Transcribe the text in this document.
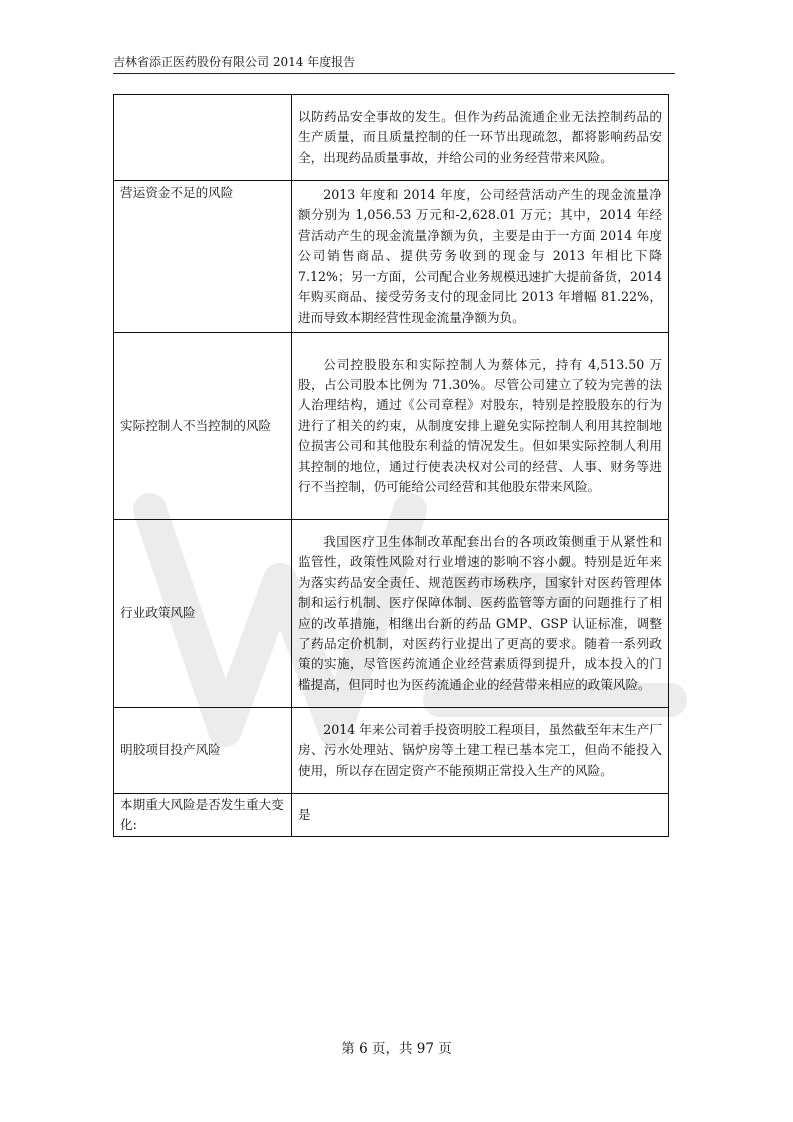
吉林省添正医药股份有限公司 2014 年度报告
	以防药品安全事故的发生。但作为药品流通企业无法控制药品的生产质量，而且质量控制的任一环节出现疏忽，都将影响药品安全，出现药品质量事故，并给公司的业务经营带来风险。
营运资金不足的风险	2013 年度和 2014 年度，公司经营活动产生的现金流量净额分别为 1,056.53 万元和-2,628.01 万元；其中，2014 年经营活动产生的现金流量净额为负，主要是由于一方面 2014 年度公司销售商品、提供劳务收到的现金与 2013 年相比下降 7.12%；另一方面，公司配合业务规模迅速扩大提前备货，2014 年购买商品、接受劳务支付的现金同比 2013 年增幅 81.22%，进而导致本期经营性现金流量净额为负。
实际控制人不当控制的风险	公司控股股东和实际控制人为蔡体元，持有 4,513.50 万股，占公司股本比例为 71.30%。尽管公司建立了较为完善的法人治理结构，通过《公司章程》对股东，特别是控股股东的行为进行了相关的约束，从制度安排上避免实际控制人利用其控制地位损害公司和其他股东利益的情况发生。但如果实际控制人利用其控制的地位，通过行使表决权对公司的经营、人事、财务等进行不当控制，仍可能给公司经营和其他股东带来风险。
行业政策风险	我国医疗卫生体制改革配套出台的各项政策侧重于从紧性和监管性，政策性风险对行业增速的影响不容小觑。特别是近年来为落实药品安全责任、规范医药市场秩序，国家针对医药管理体制和运行机制、医疗保障体制、医药监管等方面的问题推行了相应的改革措施，相继出台新的药品 GMP、GSP 认证标准，调整了药品定价机制，对医药行业提出了更高的要求。随着一系列政策的实施，尽管医药流通企业经营素质得到提升，成本投入的门槛提高，但同时也为医药流通企业的经营带来相应的政策风险。
明胶项目投产风险	2014 年来公司着手投资明胶工程项目，虽然截至年末生产厂房、污水处理站、锅炉房等土建工程已基本完工，但尚不能投入使用，所以存在固定资产不能预期正常投入生产的风险。
本期重大风险是否发生重大变化:	是
第 6 页，共 97 页
